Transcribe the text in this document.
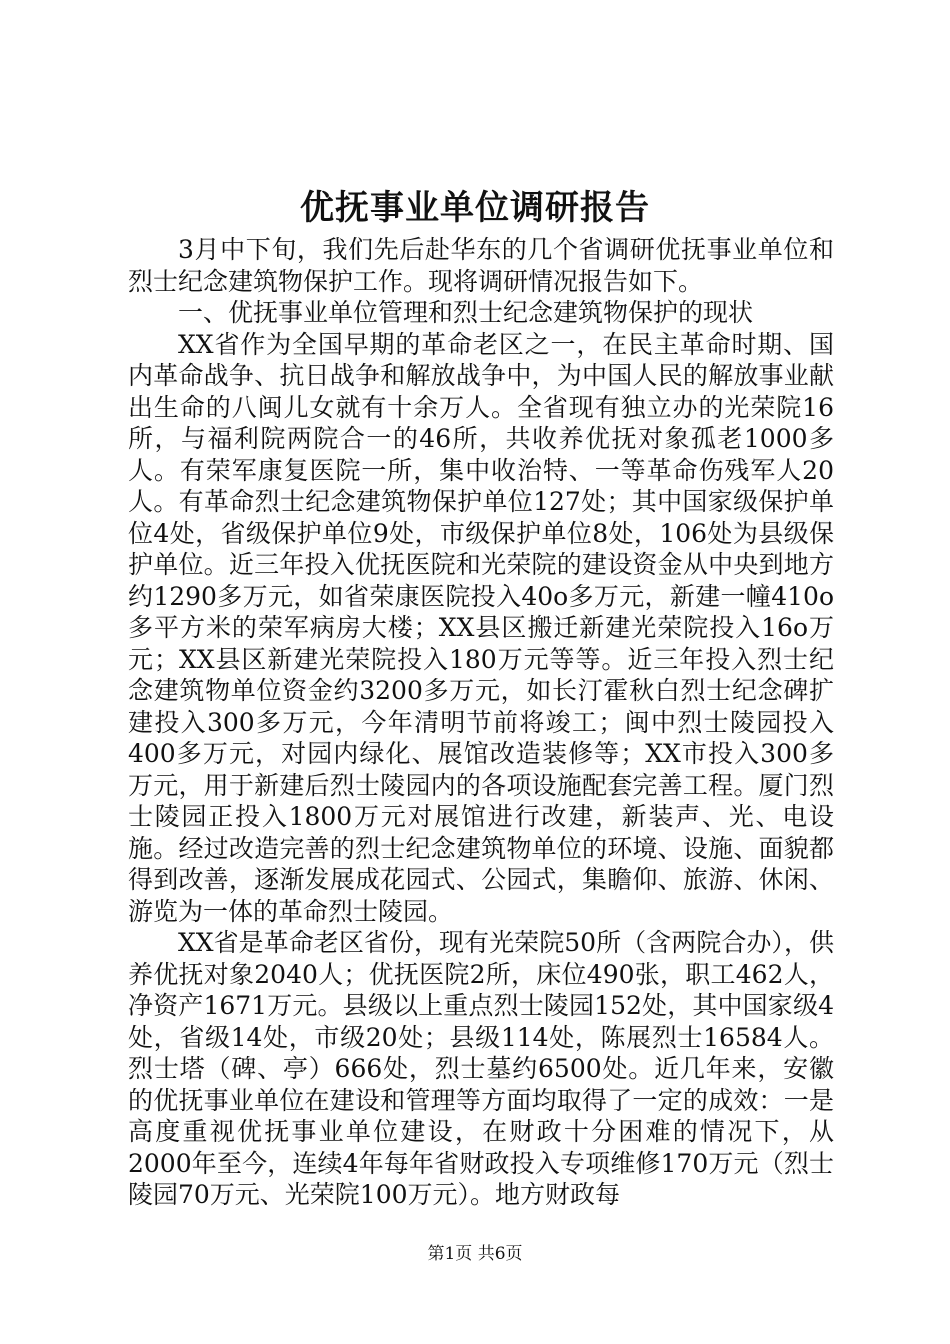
优抚事业单位调研报告

3月中下旬，我们先后赴华东的几个省调研优抚事业单位和烈士纪念建筑物保护工作。现将调研情况报告如下。

一、优抚事业单位管理和烈士纪念建筑物保护的现状

XX省作为全国早期的革命老区之一，在民主革命时期、国内革命战争、抗日战争和解放战争中，为中国人民的解放事业献出生命的八闽儿女就有十余万人。全省现有独立办的光荣院16所，与福利院两院合一的46所，共收养优抚对象孤老1000多人。有荣军康复医院一所，集中收治特、一等革命伤残军人20人。有革命烈士纪念建筑物保护单位127处；其中国家级保护单位4处，省级保护单位9处，市级保护单位8处，106处为县级保护单位。近三年投入优抚医院和光荣院的建设资金从中央到地方约1290多万元，如省荣康医院投入40o多万元，新建一幢410o多平方米的荣军病房大楼；XX县区搬迁新建光荣院投入16o万元；XX县区新建光荣院投入180万元等等。近三年投入烈士纪念建筑物单位资金约3200多万元，如长汀霍秋白烈士纪念碑扩建投入300多万元，今年清明节前将竣工；闽中烈士陵园投入400多万元，对园内绿化、展馆改造装修等；XX市投入300多万元，用于新建后烈士陵园内的各项设施配套完善工程。厦门烈士陵园正投入1800万元对展馆进行改建，新装声、光、电设施。经过改造完善的烈士纪念建筑物单位的环境、设施、面貌都得到改善，逐渐发展成花园式、公园式，集瞻仰、旅游、休闲、游览为一体的革命烈士陵园。

XX省是革命老区省份，现有光荣院50所（含两院合办），供养优抚对象2040人；优抚医院2所，床位490张，职工462人，净资产1671万元。县级以上重点烈士陵园152处，其中国家级4处，省级14处，市级20处；县级114处，陈展烈士16584人。烈士塔（碑、亭）666处，烈士墓约6500处。近几年来，安徽的优抚事业单位在建设和管理等方面均取得了一定的成效：一是高度重视优抚事业单位建设，在财政十分困难的情况下，从2000年至今，连续4年每年省财政投入专项维修170万元（烈士陵园70万元、光荣院100万元）。地方财政每

第1页 共6页
